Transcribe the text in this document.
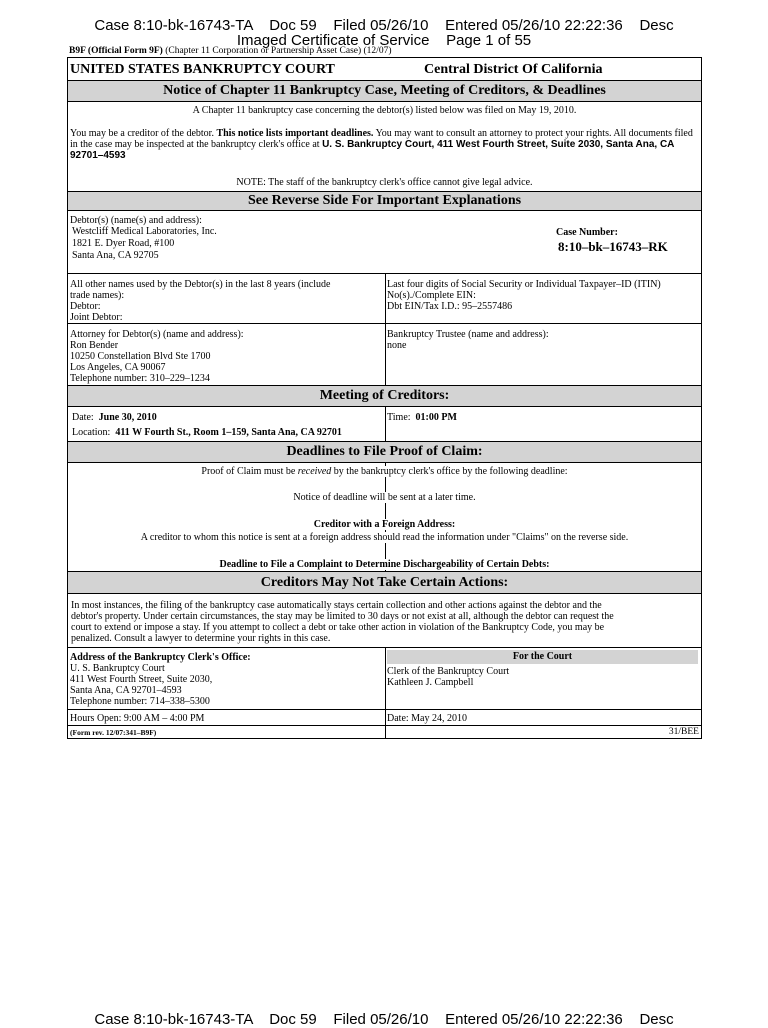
Case 8:10-bk-16743-TA    Doc 59    Filed 05/26/10    Entered 05/26/10 22:22:36    Desc
Imaged Certificate of Service    Page 1 of 55
B9F (Official Form 9F) (Chapter 11 Corporation or Partnership Asset Case) (12/07)
UNITED STATES BANKRUPTCY COURT	Central District Of California
Notice of Chapter 11 Bankruptcy Case, Meeting of Creditors, & Deadlines
A Chapter 11 bankruptcy case concerning the debtor(s) listed below was filed on May 19, 2010.
You may be a creditor of the debtor. This notice lists important deadlines. You may want to consult an attorney to protect your rights. All documents filed in the case may be inspected at the bankruptcy clerk's office at U. S. Bankruptcy Court, 411 West Fourth Street, Suite 2030, Santa Ana, CA 92701–4593
NOTE: The staff of the bankruptcy clerk's office cannot give legal advice.
See Reverse Side For Important Explanations
Debtor(s) (name(s) and address):
Westcliff Medical Laboratories, Inc.
1821 E. Dyer Road, #100
Santa Ana, CA 92705
Case Number:
8:10–bk–16743–RK
All other names used by the Debtor(s) in the last 8 years (include
trade names):
Debtor:
Joint Debtor:
Last four digits of Social Security or Individual Taxpayer–ID (ITIN)
No(s)./Complete EIN:
Dbt EIN/Tax I.D.: 95–2557486
Attorney for Debtor(s) (name and address):
Ron Bender
10250 Constellation Blvd Ste 1700
Los Angeles, CA 90067
Telephone number: 310–229–1234
Bankruptcy Trustee (name and address):
none
Meeting of Creditors:
Date: June 30, 2010	Time: 01:00 PM
Location: 411 W Fourth St., Room 1–159, Santa Ana, CA 92701
Deadlines to File Proof of Claim:
Proof of Claim must be received by the bankruptcy clerk's office by the following deadline:
Notice of deadline will be sent at a later time.
Creditor with a Foreign Address:
A creditor to whom this notice is sent at a foreign address should read the information under "Claims" on the reverse side.
Deadline to File a Complaint to Determine Dischargeability of Certain Debts:
Creditors May Not Take Certain Actions:
In most instances, the filing of the bankruptcy case automatically stays certain collection and other actions against the debtor and the
debtor's property. Under certain circumstances, the stay may be limited to 30 days or not exist at all, although the debtor can request the
court to extend or impose a stay. If you attempt to collect a debt or take other action in violation of the Bankruptcy Code, you may be
penalized. Consult a lawyer to determine your rights in this case.
Address of the Bankruptcy Clerk's Office:
U. S. Bankruptcy Court
411 West Fourth Street, Suite 2030,
Santa Ana, CA 92701–4593
Telephone number: 714–338–5300
For the Court
Clerk of the Bankruptcy Court
Kathleen J. Campbell
Hours Open: 9:00 AM – 4:00 PM	Date: May 24, 2010
(Form rev. 12/07:341–B9F)	31/BEE
Case 8:10-bk-16743-TA    Doc 59    Filed 05/26/10    Entered 05/26/10 22:22:36    Desc
